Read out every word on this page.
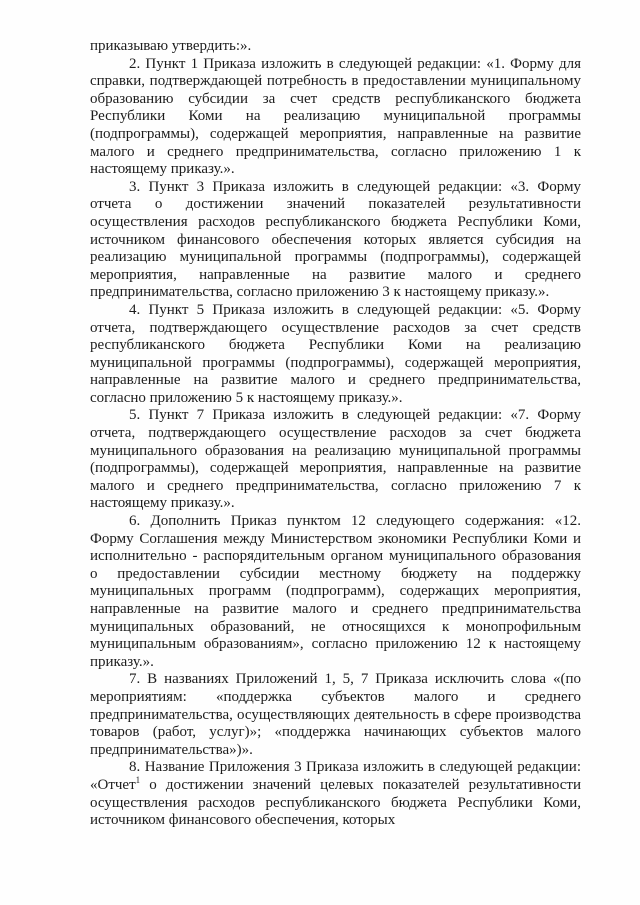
приказываю утвердить:».

2. Пункт 1 Приказа изложить в следующей редакции: «1. Форму для справки, подтверждающей потребность в предоставлении муниципальному образованию субсидии за счет средств республиканского бюджета Республики Коми на реализацию муниципальной программы (подпрограммы), содержащей мероприятия, направленные на развитие малого и среднего предпринимательства, согласно приложению 1 к настоящему приказу.».

3. Пункт 3 Приказа изложить в следующей редакции: «3. Форму отчета о достижении значений показателей результативности осуществления расходов республиканского бюджета Республики Коми, источником финансового обеспечения которых является субсидия на реализацию муниципальной программы (подпрограммы), содержащей мероприятия, направленные на развитие малого и среднего предпринимательства, согласно приложению 3 к настоящему приказу.».

4. Пункт 5 Приказа изложить в следующей редакции: «5. Форму отчета, подтверждающего осуществление расходов за счет средств республиканского бюджета Республики Коми на реализацию муниципальной программы (подпрограммы), содержащей мероприятия, направленные на развитие малого и среднего предпринимательства, согласно приложению 5 к настоящему приказу.».

5. Пункт 7 Приказа изложить в следующей редакции: «7. Форму отчета, подтверждающего осуществление расходов за счет бюджета муниципального образования на реализацию муниципальной программы (подпрограммы), содержащей мероприятия, направленные на развитие малого и среднего предпринимательства, согласно приложению 7 к настоящему приказу.».

6. Дополнить Приказ пунктом 12 следующего содержания: «12. Форму Соглашения между Министерством экономики Республики Коми и исполнительно - распорядительным органом муниципального образования о предоставлении субсидии местному бюджету на поддержку муниципальных программ (подпрограмм), содержащих мероприятия, направленные на развитие малого и среднего предпринимательства муниципальных образований, не относящихся к монопрофильным муниципальным образованиям», согласно приложению 12 к настоящему приказу.».

7. В названиях Приложений 1, 5, 7 Приказа исключить слова «(по мероприятиям: «поддержка субъектов малого и среднего предпринимательства, осуществляющих деятельность в сфере производства товаров (работ, услуг)»; «поддержка начинающих субъектов малого предпринимательства»)».

8. Название Приложения 3 Приказа изложить в следующей редакции: «Отчет$^1$ о достижении значений целевых показателей результативности осуществления расходов республиканского бюджета Республики Коми, источником финансового обеспечения, которых
